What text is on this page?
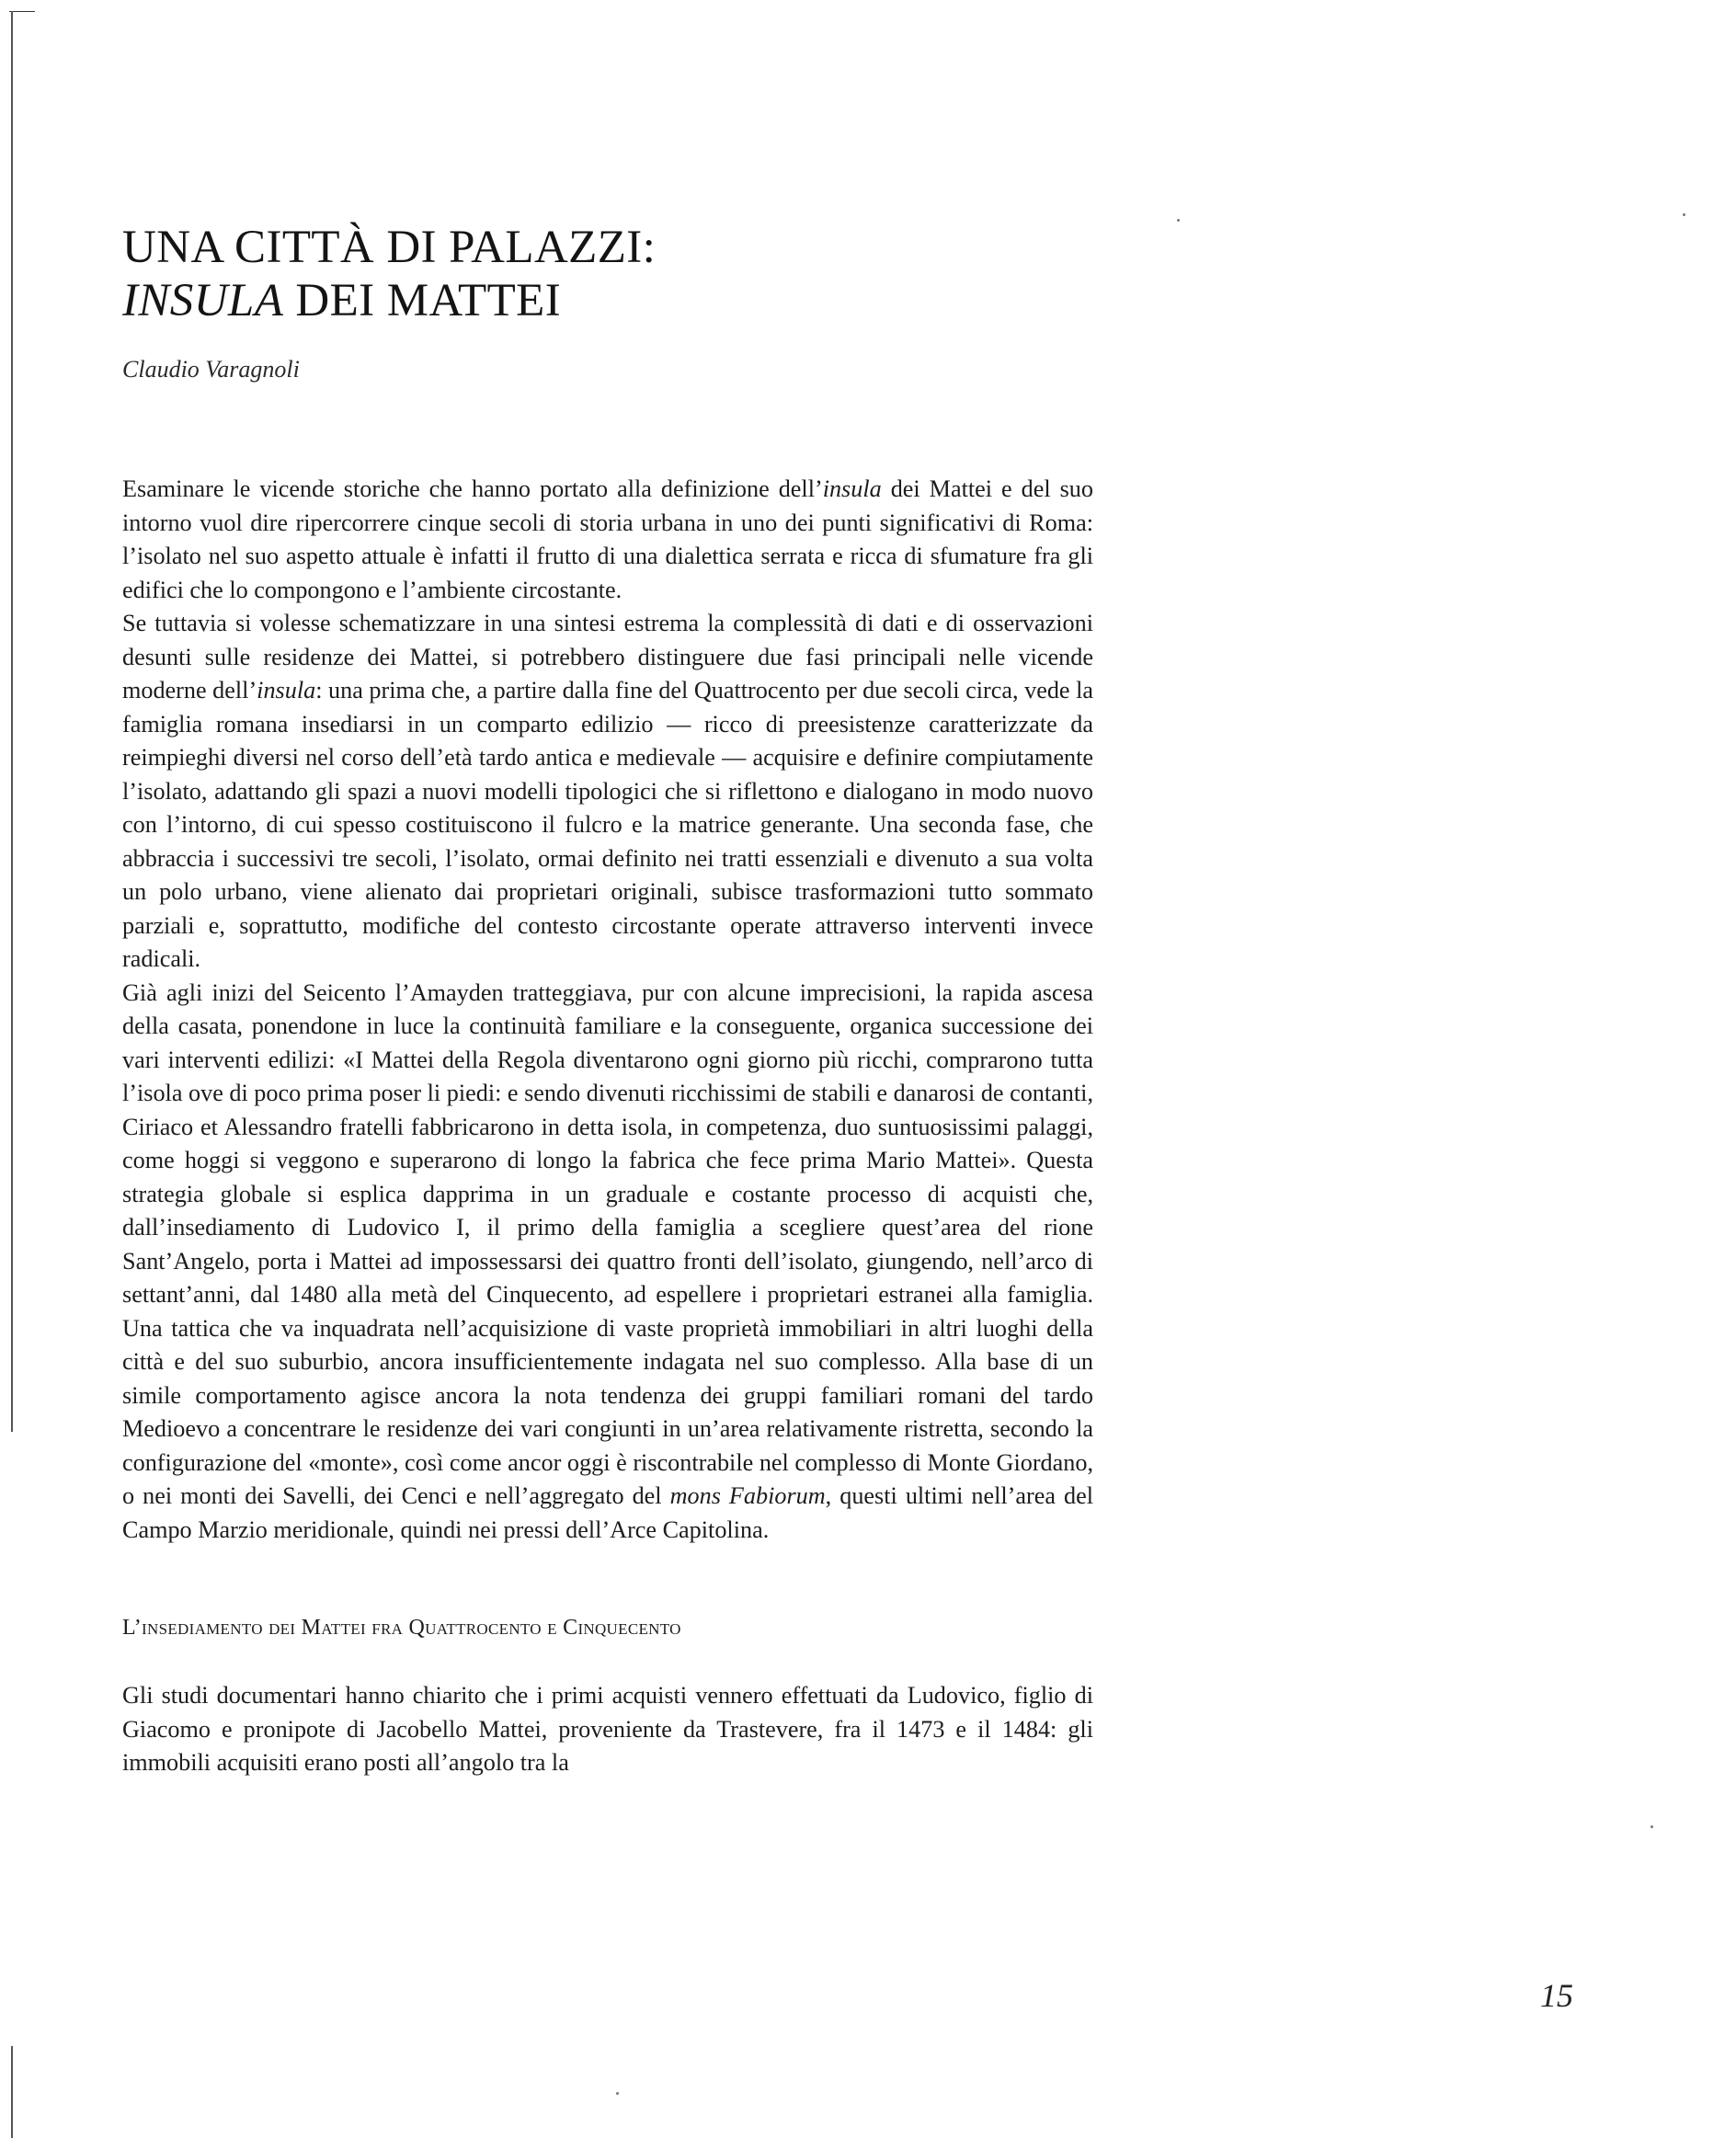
UNA CITTÀ DI PALAZZI:
INSULA DEI MATTEI
Claudio Varagnoli

Esaminare le vicende storiche che hanno portato alla definizione dell’insula dei Mattei e del suo intorno vuol dire ripercorrere cinque secoli di storia urbana in uno dei punti significativi di Roma: l’isolato nel suo aspetto attuale è infatti il frutto di una dialettica serrata e ricca di sfumature fra gli edifici che lo compongono e l’ambiente circostante.

Se tuttavia si volesse schematizzare in una sintesi estrema la complessità di dati e di osservazioni desunti sulle residenze dei Mattei, si potrebbero distinguere due fasi principali nelle vicende moderne dell’insula: una prima che, a partire dalla fine del Quattrocento per due secoli circa, vede la famiglia romana insediarsi in un comparto edilizio — ricco di preesistenze caratterizzate da reimpieghi diversi nel corso dell’età tardo antica e medievale — acquisire e definire compiutamente l’isolato, adattando gli spazi a nuovi modelli tipologici che si riflettono e dialogano in modo nuovo con l’intorno, di cui spesso costituiscono il fulcro e la matrice generante. Una seconda fase, che abbraccia i successivi tre secoli, l’isolato, ormai definito nei tratti essenziali e divenuto a sua volta un polo urbano, viene alienato dai proprietari originali, subisce trasformazioni tutto sommato parziali e, soprattutto, modifiche del contesto circostante operate attraverso interventi invece radicali.

Già agli inizi del Seicento l’Amayden tratteggiava, pur con alcune imprecisioni, la rapida ascesa della casata, ponendone in luce la continuità familiare e la conseguente, organica successione dei vari interventi edilizi: «I Mattei della Regola diventarono ogni giorno più ricchi, comprarono tutta l’isola ove di poco prima poser li piedi: e sendo divenuti ricchissimi de stabili e danarosi de contanti, Ciriaco et Alessandro fratelli fabbricarono in detta isola, in competenza, duo suntuosissimi palaggi, come hoggi si veggono e superarono di longo la fabrica che fece prima Mario Mattei». Questa strategia globale si esplica dapprima in un graduale e costante processo di acquisti che, dall’insediamento di Ludovico I, il primo della famiglia a scegliere quest’area del rione Sant’Angelo, porta i Mattei ad impossessarsi dei quattro fronti dell’isolato, giungendo, nell’arco di settant’anni, dal 1480 alla metà del Cinquecento, ad espellere i proprietari estranei alla famiglia. Una tattica che va inquadrata nell’acquisizione di vaste proprietà immobiliari in altri luoghi della città e del suo suburbio, ancora insufficientemente indagata nel suo complesso. Alla base di un simile comportamento agisce ancora la nota tendenza dei gruppi familiari romani del tardo Medioevo a concentrare le residenze dei vari congiunti in un’area relativamente ristretta, secondo la configurazione del «monte», così come ancor oggi è riscontrabile nel complesso di Monte Giordano, o nei monti dei Savelli, dei Cenci e nell’aggregato del mons Fabiorum, questi ultimi nell’area del Campo Marzio meridionale, quindi nei pressi dell’Arce Capitolina.

L’insediamento dei Mattei fra Quattrocento e Cinquecento

Gli studi documentari hanno chiarito che i primi acquisti vennero effettuati da Ludovico, figlio di Giacomo e pronipote di Jacobello Mattei, proveniente da Trastevere, fra il 1473 e il 1484: gli immobili acquisiti erano posti all’angolo tra la

15
